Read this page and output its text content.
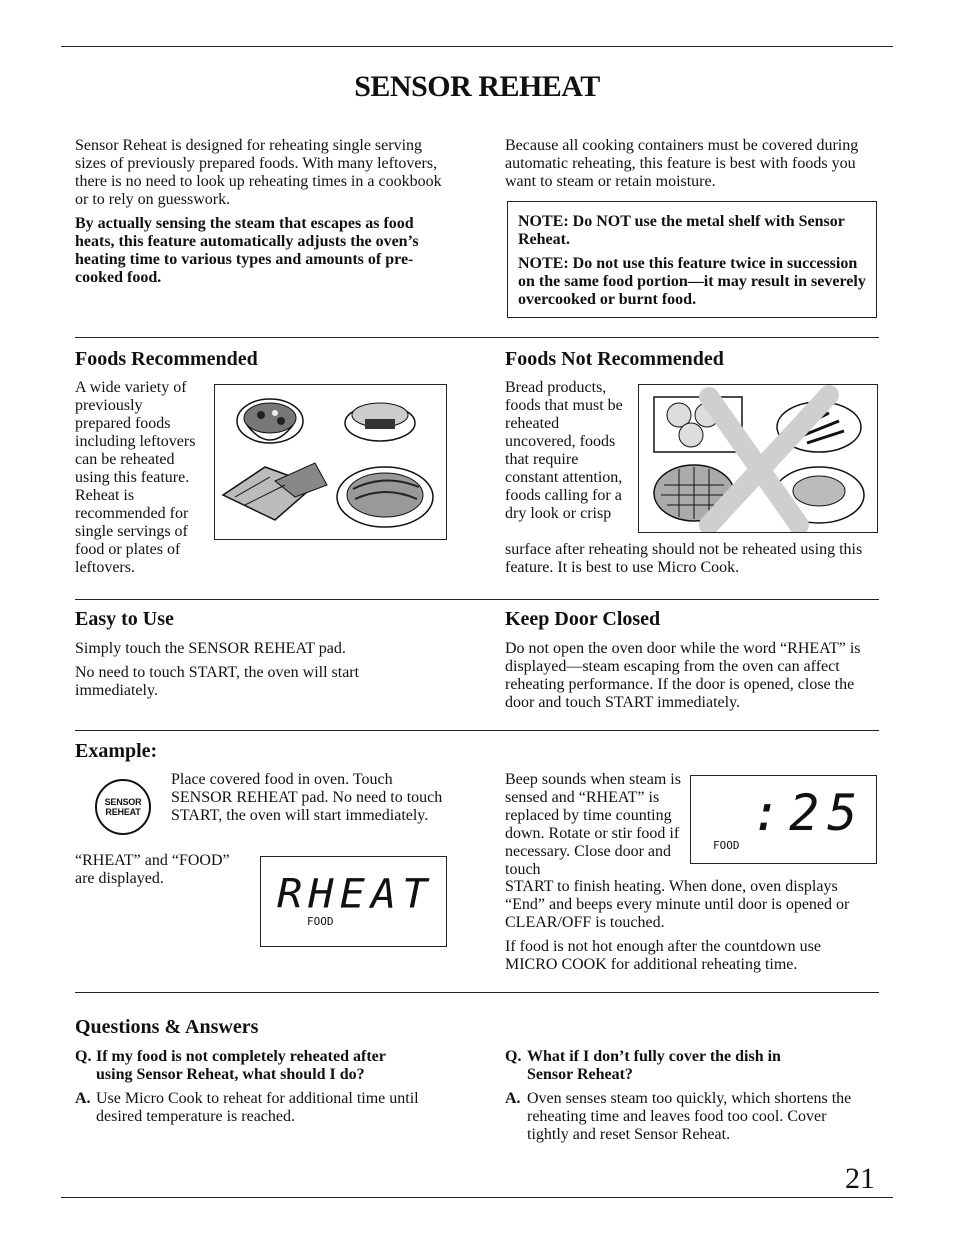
SENSOR REHEAT

Sensor Reheat is designed for reheating single serving sizes of previously prepared foods. With many leftovers, there is no need to look up reheating times in a cookbook or to rely on guesswork.

By actually sensing the steam that escapes as food heats, this feature automatically adjusts the oven’s heating time to various types and amounts of pre-cooked food.

Because all cooking containers must be covered during automatic reheating, this feature is best with foods you want to steam or retain moisture.

NOTE: Do NOT use the metal shelf with Sensor Reheat.

NOTE: Do not use this feature twice in succession on the same food portion—it may result in severely overcooked or burnt food.

Foods Recommended

A wide variety of previously prepared foods including leftovers can be reheated using this feature. Reheat is recommended for single servings of food or plates of leftovers.

Foods Not Recommended

Bread products, foods that must be reheated uncovered, foods that require constant attention, foods calling for a dry look or crisp

surface after reheating should not be reheated using this feature. It is best to use Micro Cook.

Easy to Use

Simply touch the SENSOR REHEAT pad.

No need to touch START, the oven will start immediately.

Keep Door Closed

Do not open the oven door while the word “RHEAT” is displayed—steam escaping from the oven can affect reheating performance. If the door is opened, close the door and touch START immediately.

Example:
SENSOR
REHEAT

Place covered food in oven. Touch SENSOR REHEAT pad. No need to touch START, the oven will start immediately.

“RHEAT” and “FOOD” are displayed.	RHEAT
FOOD

Beep sounds when steam is sensed and “RHEAT” is replaced by time counting down. Rotate or stir food if necessary. Close door and touch

START to finish heating. When done, oven displays “End” and beeps every minute until door is opened or CLEAR/OFF is touched.

If food is not hot enough after the countdown use MICRO COOK for additional reheating time.

:25
FOOD
Questions & Answers
Q. If my food is not completely reheated after using Sensor Reheat, what should I do?

A. Use Micro Cook to reheat for additional time until desired temperature is reached.

Q. What if I don’t fully cover the dish in Sensor Reheat?

A. Oven senses steam too quickly, which shortens the reheating time and leaves food too cool. Cover tightly and reset Sensor Reheat.

21
